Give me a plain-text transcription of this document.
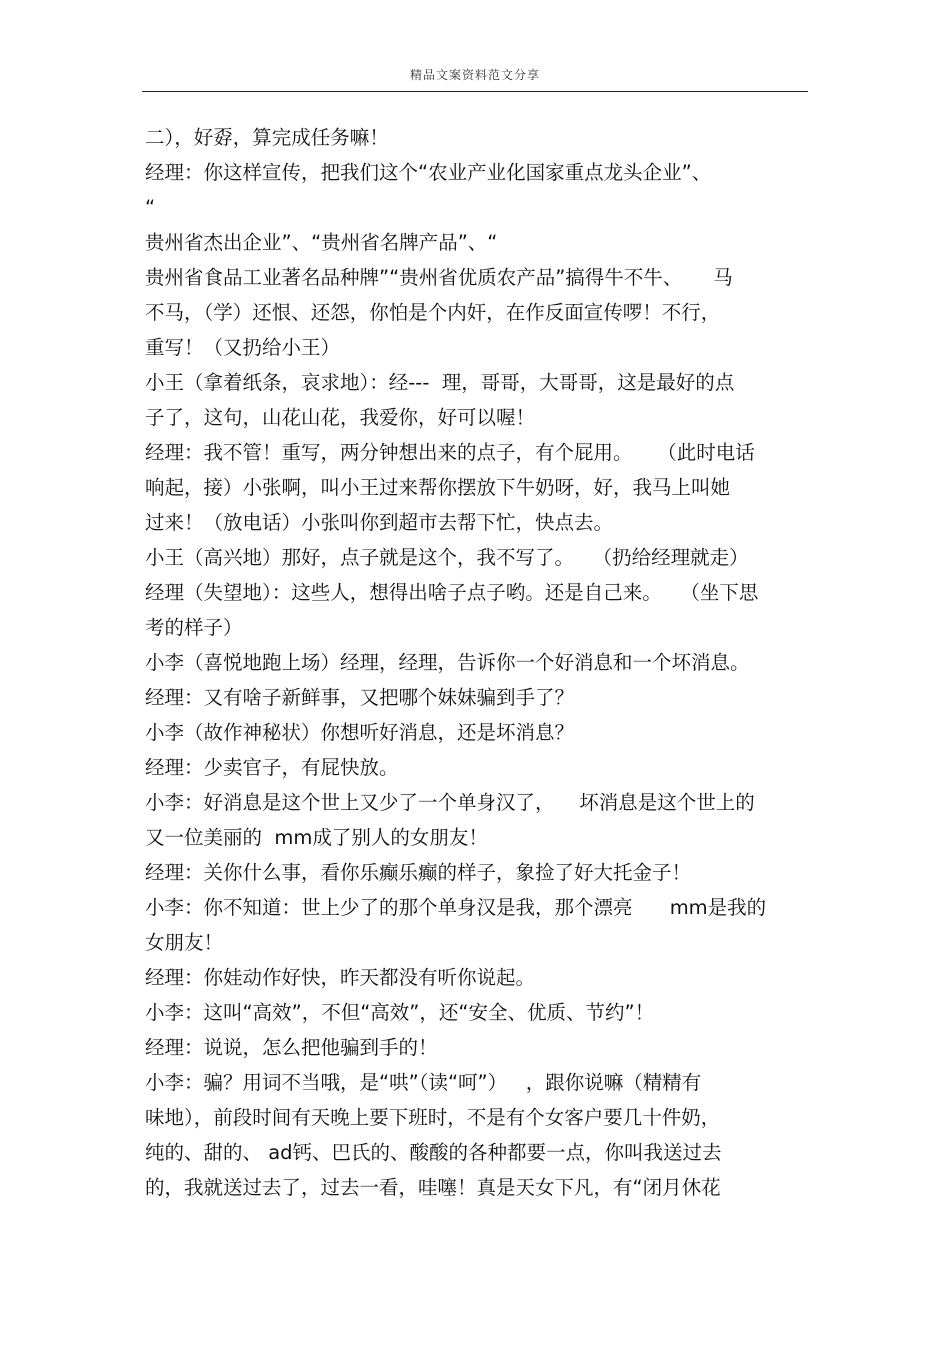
精品文案资料范文分享
二），好孬，算完成任务嘛！
经理：你这样宣传，把我们这个“农业产业化国家重点龙头企业”、
“
贵州省杰出企业”、“贵州省名牌产品”、“
贵州省食品工业著名品种牌”“贵州省优质农产品”搞得牛不牛、     马
不马，（学）还恨、还怨，你怕是个内奸，在作反面宣传啰！不行，
重写！（又扔给小王）
小王（拿着纸条，哀求地）：经---  理，哥哥，大哥哥，这是最好的点
子了，这句，山花山花，我爱你，好可以喔！
经理：我不管！重写，两分钟想出来的点子，有个屁用。    （此时电话
响起，接）小张啊，叫小王过来帮你摆放下牛奶呀，好，我马上叫她
过来！（放电话）小张叫你到超市去帮下忙，快点去。
小王（高兴地）那好，点子就是这个，我不写了。   （扔给经理就走）
经理（失望地）：这些人，想得出啥子点子哟。还是自己来。   （坐下思
考的样子）
小李（喜悦地跑上场）经理，经理，告诉你一个好消息和一个坏消息。
经理：又有啥子新鲜事，又把哪个妹妹骗到手了？
小李（故作神秘状）你想听好消息，还是坏消息？
经理：少卖官子，有屁快放。
小李：好消息是这个世上又少了一个单身汉了，    坏消息是这个世上的
又一位美丽的  mm成了别人的女朋友！
经理：关你什么事，看你乐癫乐癫的样子，象捡了好大托金子！
小李：你不知道：世上少了的那个单身汉是我，那个漂亮      mm是我的
女朋友！
经理：你娃动作好快，昨天都没有听你说起。
小李：这叫“高效”，不但“高效”，还“安全、优质、节约”！
经理：说说，怎么把他骗到手的！
小李：骗？用词不当哦，是“哄”（读“呵”）   ，跟你说嘛（精精有
味地），前段时间有天晚上要下班时，不是有个女客户要几十件奶，
纯的、甜的、 ad钙、巴氏的、酸酸的各种都要一点，你叫我送过去
的，我就送过去了，过去一看，哇噻！真是天女下凡，有“闭月休花
